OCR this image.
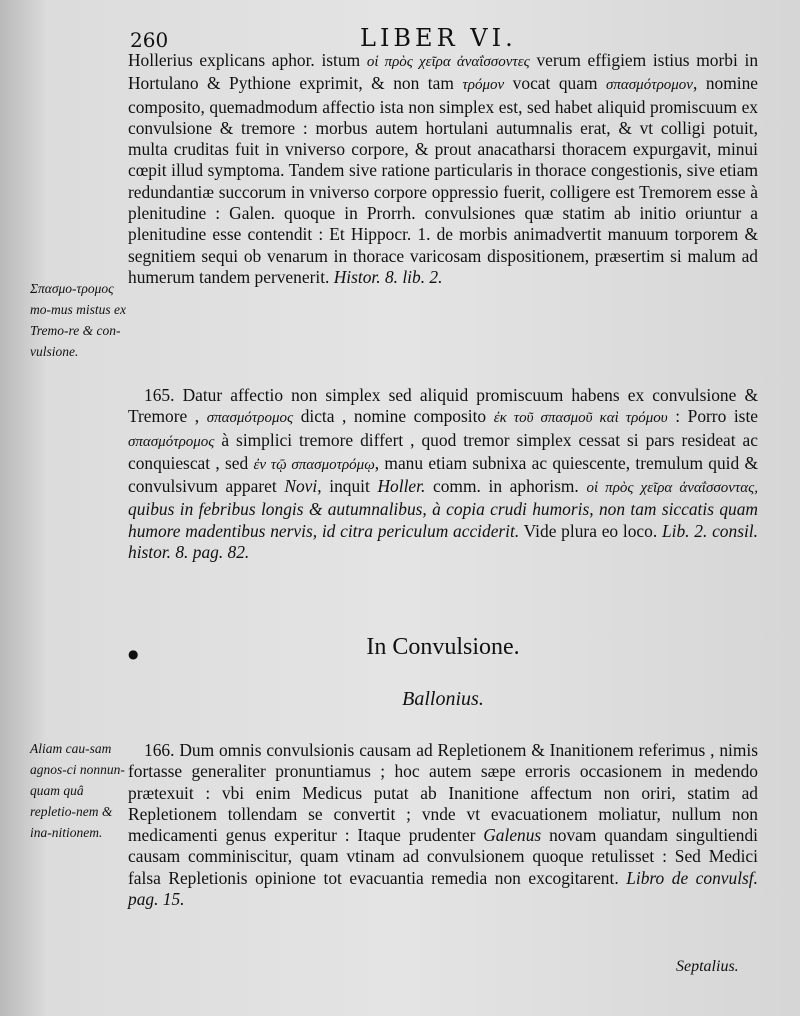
260	LIBER VI.
Σπασμο-τρομος mo-mus mistus ex Tremo-re & con-vulsione.
Aliam cau-sam agnos-ci nonnun-quam quâ repletio-nem & ina-nitionem.

Hollerius explicans aphor. istum οἱ πρὸς χεῖρα ἀναΐσσοντες verum effigiem istius morbi in Hortulano & Pythione exprimit, & non tam τρόμον vocat quam σπασμότρομον, nomine composito, quemadmodum affectio ista non simplex est, sed habet aliquid promiscuum ex convulsione & tremore : morbus autem hortulani autumnalis erat, & vt colligi potuit, multa cruditas fuit in vniverso corpore, & prout anacatharsi thoracem expurgavit, minui cœpit illud symptoma. Tandem sive ratione particularis in thorace congestionis, sive etiam redundantiæ succorum in vniverso corpore oppressio fuerit, colligere est Tremorem esse à plenitudine : Galen. quoque in Prorrh. convulsiones quæ statim ab initio oriuntur a plenitudine esse contendit : Et Hippocr. 1. de morbis animadvertit manuum torporem & segnitiem sequi ob venarum in thorace varicosam dispositionem, præsertim si malum ad humerum tandem pervenerit. Histor. 8. lib. 2.

165. Datur affectio non simplex sed aliquid promiscuum habens ex convulsione & Tremore , σπασμότρομος dicta , nomine composito ἐκ τοῦ σπασμοῦ καὶ τρόμου : Porro iste σπασμότρομος à simplici tremore differt , quod tremor simplex cessat si pars resideat ac conquiescat , sed ἐν τῷ σπασμοτρόμῳ, manu etiam subnixa ac quiescente, tremulum quid & convulsivum apparet Novi, inquit Holler. comm. in aphorism. οἱ πρὸς χεῖρα ἀναΐσσοντας, quibus in febribus longis & autumnalibus, à copia crudi humoris, non tam siccatis quam humore madentibus nervis, id citra periculum acciderit. Vide plura eo loco. Lib. 2. consil. histor. 8. pag. 82.

●	In Convulsione.
Ballonius.

166. Dum omnis convulsionis causam ad Repletionem & Inanitionem referimus , nimis fortasse generaliter pronuntiamus ; hoc autem sæpe erroris occasionem in medendo prætexuit : vbi enim Medicus putat ab Inanitione affectum non oriri, statim ad Repletionem tollendam se convertit ; vnde vt evacuationem moliatur, nullum non medicamenti genus experitur : Itaque prudenter Galenus novam quandam singultiendi causam comminiscitur, quam vtinam ad convulsionem quoque retulisset : Sed Medici falsa Repletionis opinione tot evacuantia remedia non excogitarent. Libro de convulsf. pag. 15.

Septalius.
